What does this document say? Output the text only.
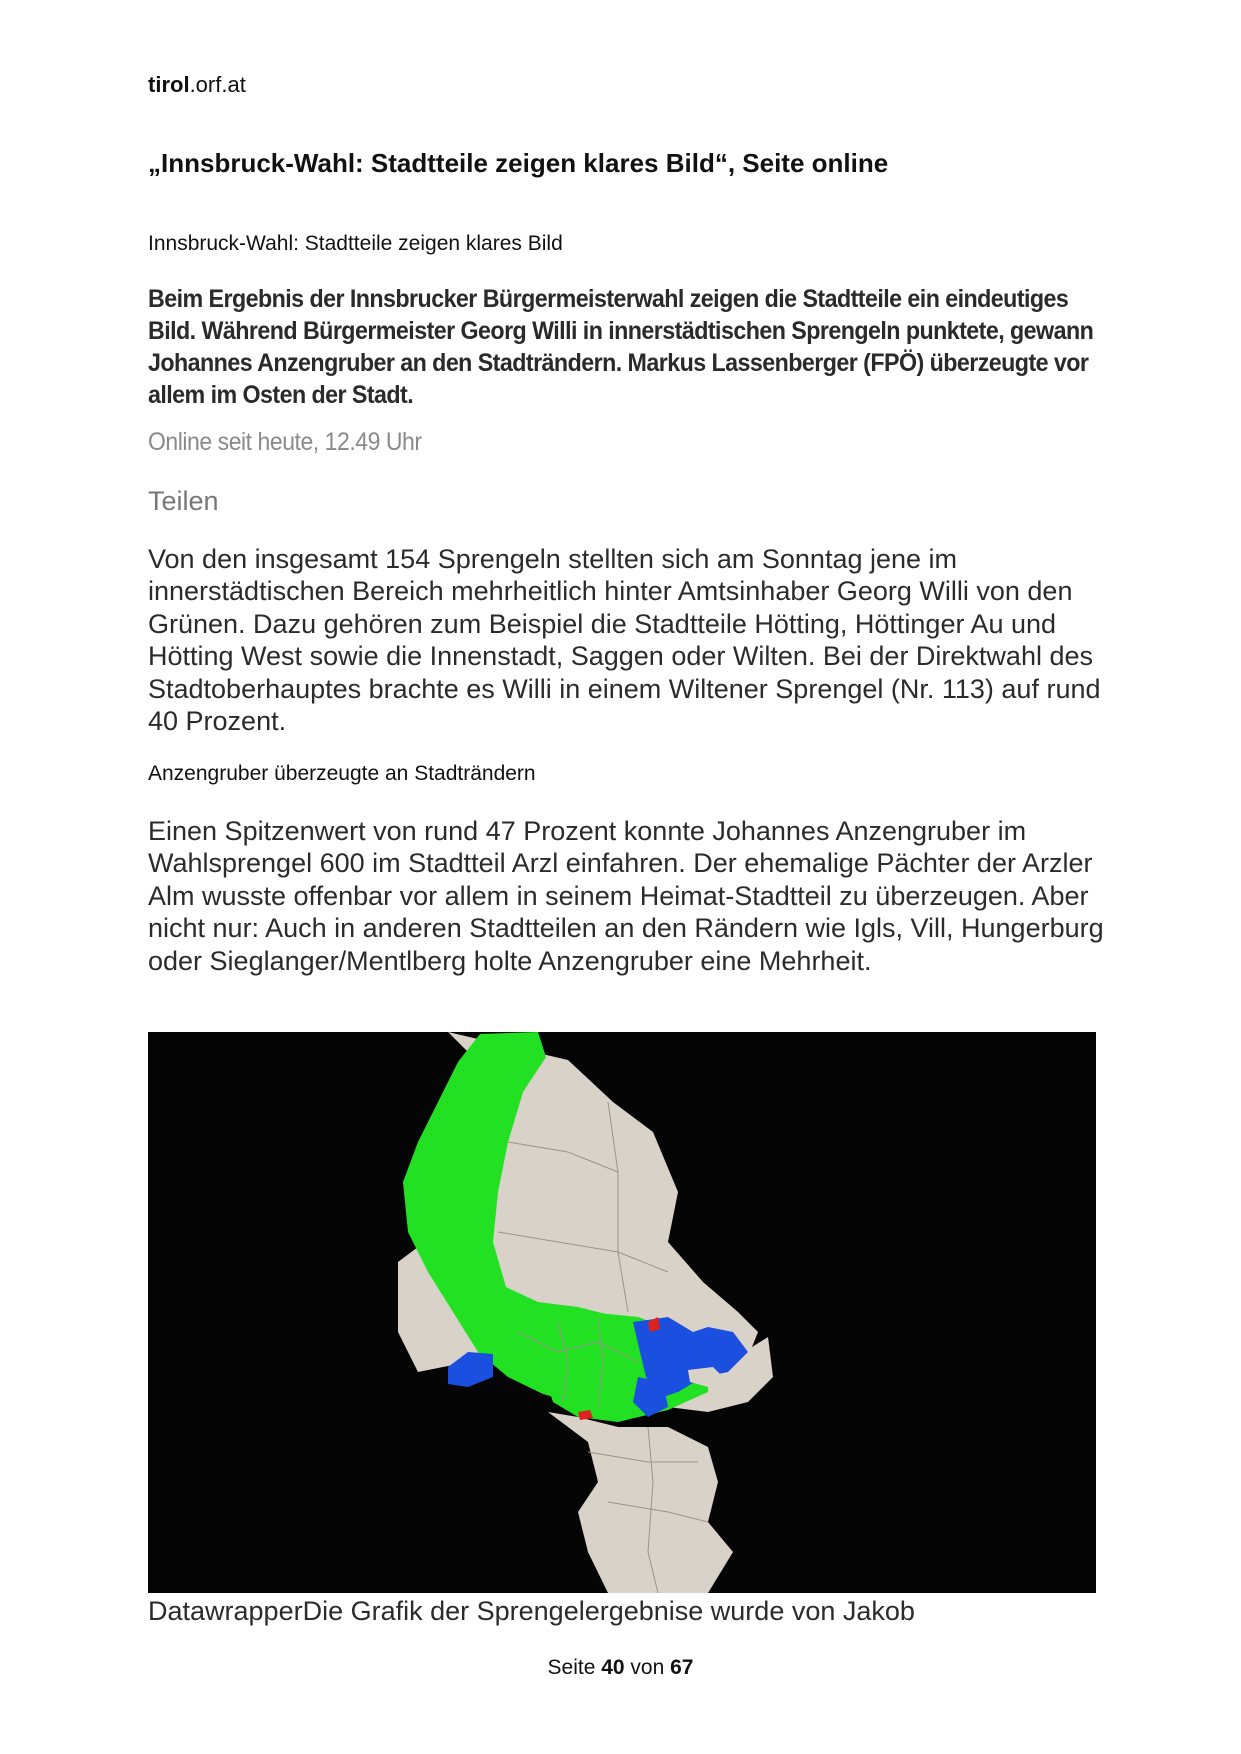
tirol.orf.at
„Innsbruck-Wahl: Stadtteile zeigen klares Bild“, Seite online

Innsbruck-Wahl: Stadtteile zeigen klares Bild

Beim Ergebnis der Innsbrucker Bürgermeisterwahl zeigen die Stadtteile ein eindeutiges Bild. Während Bürgermeister Georg Willi in innerstädtischen Sprengeln punktete, gewann Johannes Anzengruber an den Stadträndern. Markus Lassenberger (FPÖ) überzeugte vor allem im Osten der Stadt.

Online seit heute, 12.49 Uhr

Teilen

Von den insgesamt 154 Sprengeln stellten sich am Sonntag jene im innerstädtischen Bereich mehrheitlich hinter Amtsinhaber Georg Willi von den Grünen. Dazu gehören zum Beispiel die Stadtteile Hötting, Höttinger Au und Hötting West sowie die Innenstadt, Saggen oder Wilten. Bei der Direktwahl des Stadtoberhauptes brachte es Willi in einem Wiltener Sprengel (Nr. 113) auf rund 40 Prozent.

Anzengruber überzeugte an Stadträndern

Einen Spitzenwert von rund 47 Prozent konnte Johannes Anzengruber im Wahlsprengel 600 im Stadtteil Arzl einfahren. Der ehemalige Pächter der Arzler Alm wusste offenbar vor allem in seinem Heimat-Stadtteil zu überzeugen. Aber nicht nur: Auch in anderen Stadtteilen an den Rändern wie Igls, Vill, Hungerburg oder Sieglanger/Mentlberg holte Anzengruber eine Mehrheit.

DatawrapperDie Grafik der Sprengelergebnise wurde von Jakob

Seite 40 von 67
